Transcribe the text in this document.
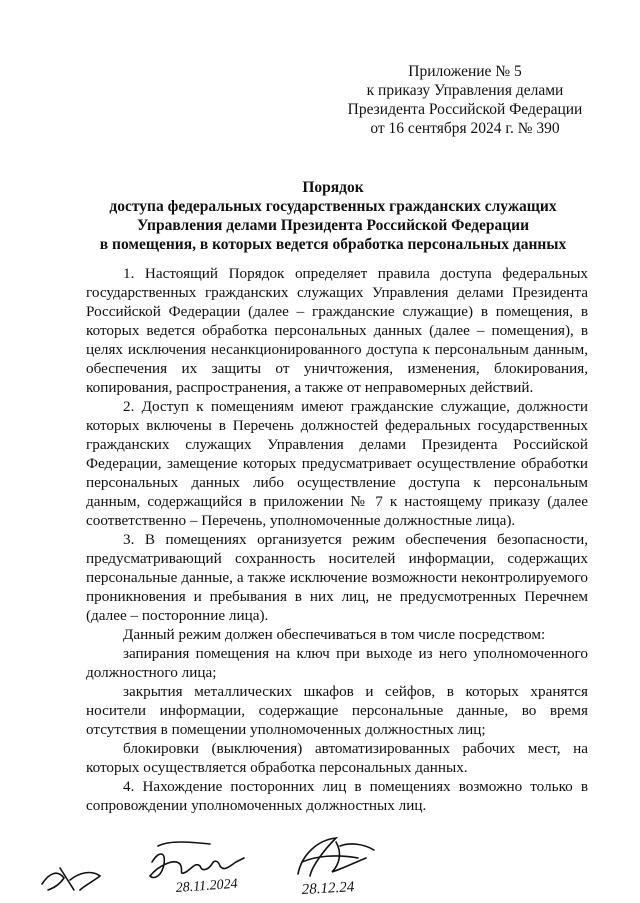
Приложение № 5
к приказу Управления делами
Президента Российской Федерации
от 16 сентября 2024 г. № 390
Порядок
доступа федеральных государственных гражданских служащих
Управления делами Президента Российской Федерации
в помещения, в которых ведется обработка персональных данных

1. Настоящий Порядок определяет правила доступа федеральных государственных гражданских служащих Управления делами Президента Российской Федерации (далее – гражданские служащие) в помещения, в которых ведется обработка персональных данных (далее – помещения), в целях исключения несанкционированного доступа к персональным данным, обеспечения их защиты от уничтожения, изменения, блокирования, копирования, распространения, а также от неправомерных действий.

2. Доступ к помещениям имеют гражданские служащие, должности которых включены в Перечень должностей федеральных государственных гражданских служащих Управления делами Президента Российской Федерации, замещение которых предусматривает осуществление обработки персональных данных либо осуществление доступа к персональным данным, содержащийся в приложении № 7 к настоящему приказу (далее соответственно – Перечень, уполномоченные должностные лица).

3. В помещениях организуется режим обеспечения безопасности, предусматривающий сохранность носителей информации, содержащих персональные данные, а также исключение возможности неконтролируемого проникновения и пребывания в них лиц, не предусмотренных Перечнем (далее – посторонние лица).

Данный режим должен обеспечиваться в том числе посредством:

запирания помещения на ключ при выходе из него уполномоченного должностного лица;

закрытия металлических шкафов и сейфов, в которых хранятся носители информации, содержащие персональные данные, во время отсутствия в помещении уполномоченных должностных лиц;

блокировки (выключения) автоматизированных рабочих мест, на которых осуществляется обработка персональных данных.

4. Нахождение посторонних лиц в помещениях возможно только в сопровождении уполномоченных должностных лиц.

28.11.2024	28.12.24
